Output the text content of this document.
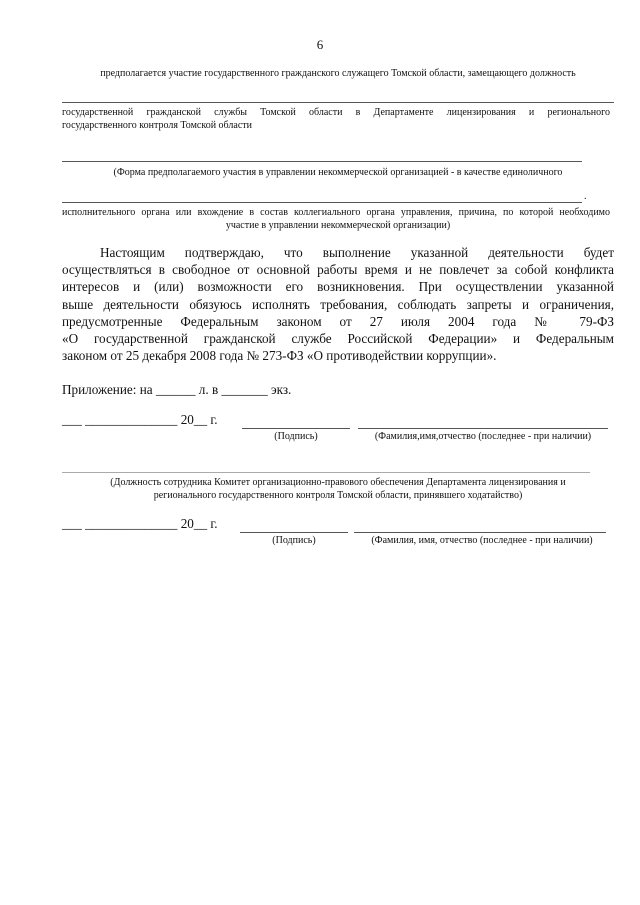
6
предполагается участие государственного гражданского служащего Томской области, замещающего должность
государственной гражданской службы Томской области в Департаменте лицензирования и регионального
государственного контроля Томской области
(Форма предполагаемого участия в управлении некоммерческой организацией - в качестве единоличного
.
исполнительного органа или вхождение в состав коллегиального органа управления, причина, по которой необходимо
участие в управлении некоммерческой организации)
Настоящим подтверждаю, что выполнение указанной деятельности будет
осуществляться в свободное от основной работы время и не повлечет за собой конфликта
интересов и (или) возможности его возникновения. При осуществлении указанной
выше деятельности обязуюсь исполнять требования, соблюдать запреты и ограничения,
предусмотренные Федеральным законом от 27 июля 2004 года № 79-ФЗ
«О государственной гражданской службе Российской Федерации» и Федеральным
законом от 25 декабря 2008 года № 273-ФЗ «О противодействии коррупции».
Приложение: на ______ л. в _______ экз.
___ ______________ 20__ г.
(Подпись)	(Фамилия,имя,отчество (последнее - при наличии)
(Должность сотрудника Комитет организационно-правового обеспечения Департамента лицензирования и
регионального государственного контроля Томской области, принявшего ходатайство)
___ ______________ 20__ г.
(Подпись)	(Фамилия, имя, отчество (последнее - при наличии)
